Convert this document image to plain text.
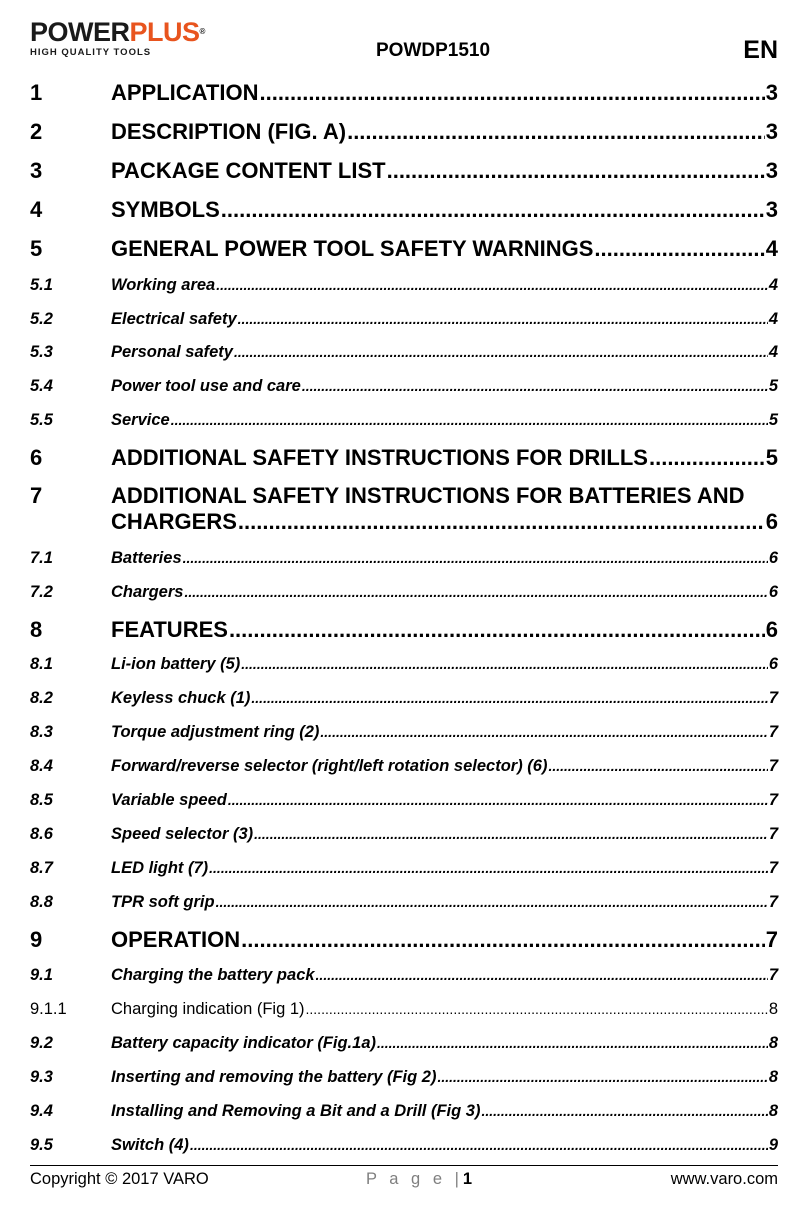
POWERPLUS®
HIGH QUALITY TOOLS	POWDP1510	EN
1	APPLICATION .....	3
2	DESCRIPTION (FIG. A) .....	3
3	PACKAGE CONTENT LIST .....	3
4	SYMBOLS .....	3
5	GENERAL POWER TOOL SAFETY WARNINGS .....	4
5.1	Working area .....	4
5.2	Electrical safety .....	4
5.3	Personal safety .....	4
5.4	Power tool use and care .....	5
5.5	Service .....	5
6	ADDITIONAL SAFETY INSTRUCTIONS FOR DRILLS .....	5
7	ADDITIONAL SAFETY INSTRUCTIONS FOR BATTERIES AND
CHARGERS .....	6
7.1	Batteries .....	6
7.2	Chargers .....	6
8	FEATURES .....	6
8.1	Li-ion battery (5) .....	6
8.2	Keyless chuck (1) .....	7
8.3	Torque adjustment ring (2) .....	7
8.4	Forward/reverse selector (right/left rotation selector) (6) .....	7
8.5	Variable speed .....	7
8.6	Speed selector (3) .....	7
8.7	LED light (7) .....	7
8.8	TPR soft grip .....	7
9	OPERATION .....	7
9.1	Charging the battery pack .....	7
9.1.1	Charging indication (Fig 1) .....	8
9.2	Battery capacity indicator (Fig.1a) .....	8
9.3	Inserting and removing the battery (Fig 2) .....	8
9.4	Installing and Removing a Bit and a Drill (Fig 3) .....	8
9.5	Switch (4) .....	9
Copyright © 2017 VARO	P a g e |1	www.varo.com
